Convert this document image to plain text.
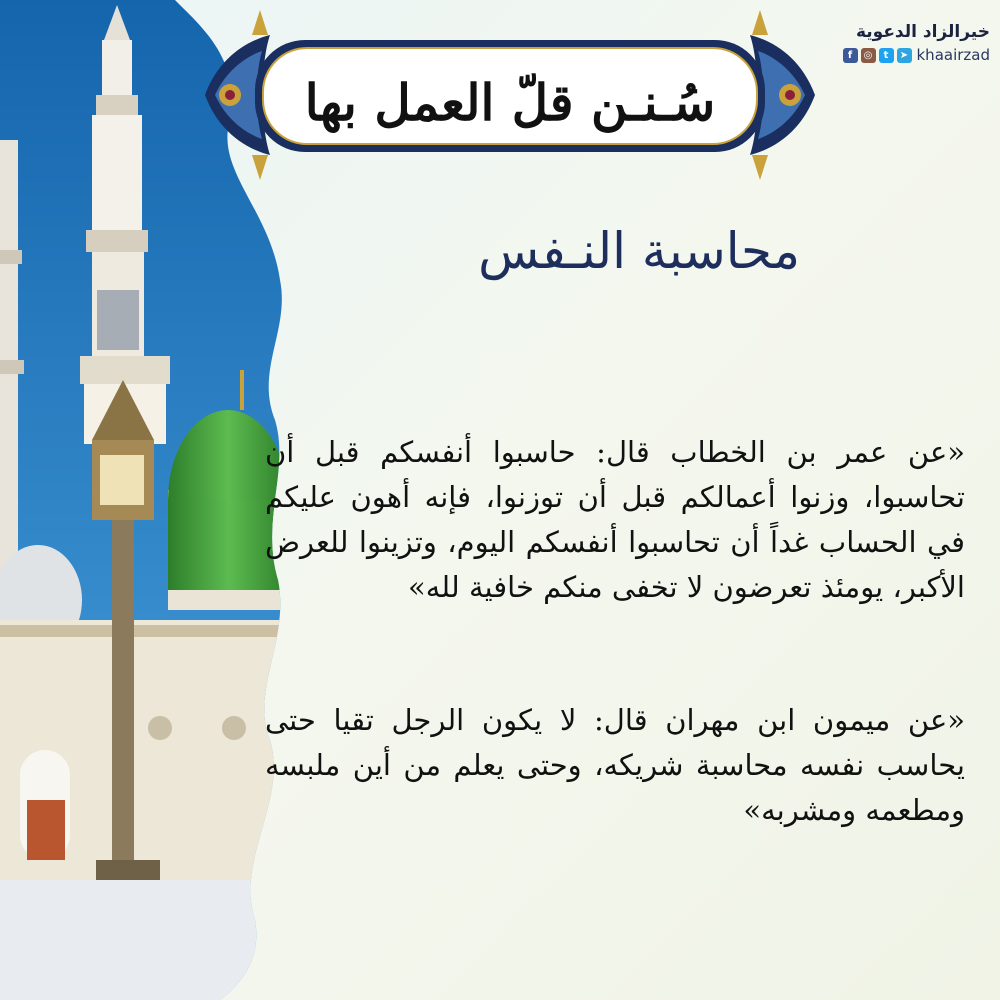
خيرالزاد الدعوية
f	◎	t	➤ khaairzad
سُـنـن قلّ العمل بها
محاسبة النـفس
«عن عمر بن الخطاب قال: حاسبوا أنفسكم قبل أن تحاسبوا، وزنوا أعمالكم قبل أن توزنوا، فإنه أهون عليكم في الحساب غداً أن تحاسبوا أنفسكم اليوم، وتزينوا للعرض الأكبر، يومئذ تعرضون لا تخفى منكم خافية لله»
«عن ميمون ابن مهران قال: لا يكون الرجل تقيا حتى يحاسب نفسه محاسبة شريكه، وحتى يعلم من أين ملبسه ومطعمه ومشربه»
